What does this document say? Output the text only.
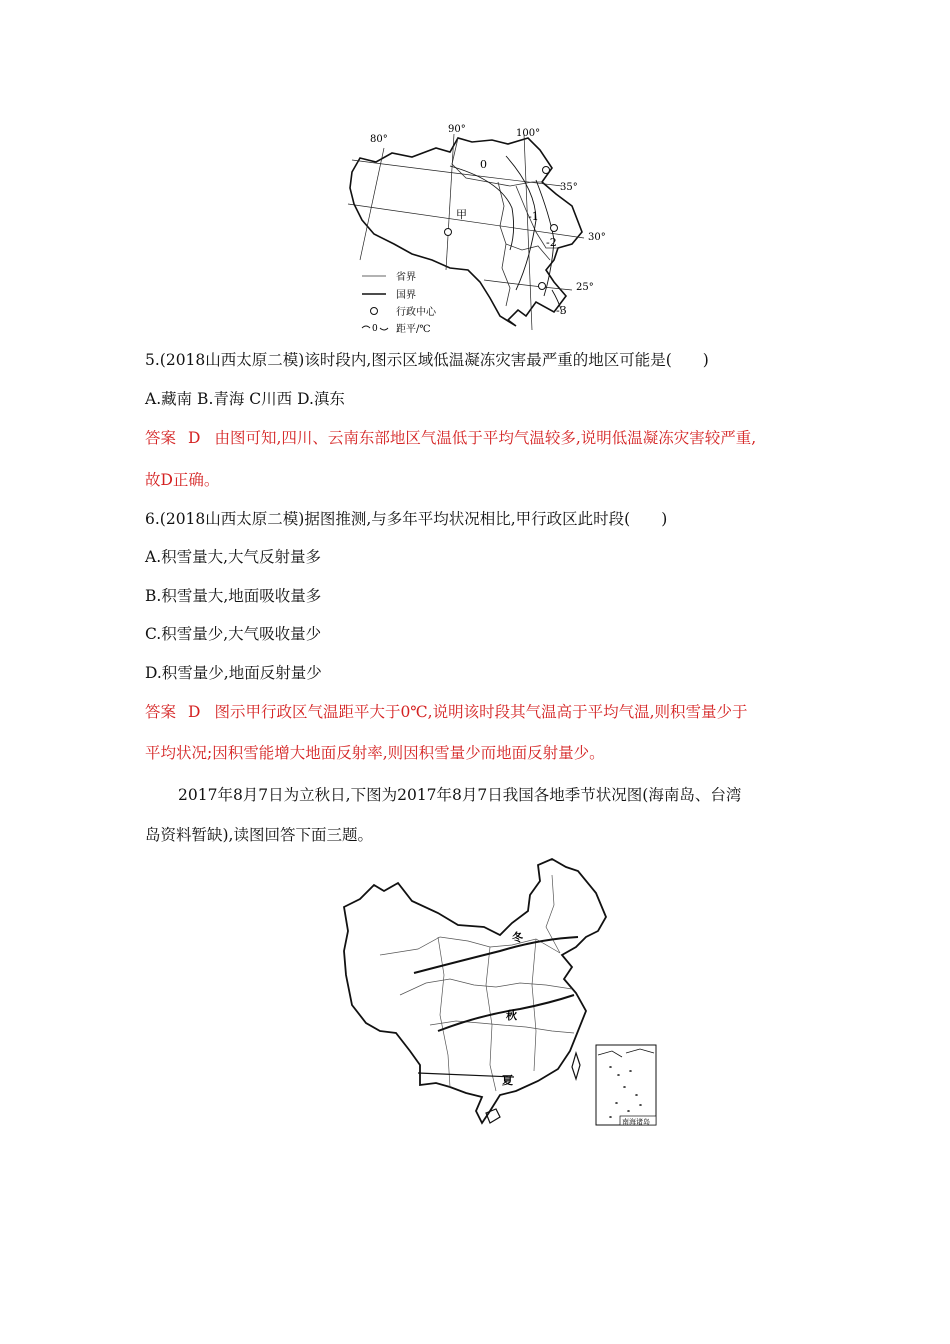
80°
90°	100°
35°
30°
25°
0
-1
-2
-3
甲
省界
国界
行政中心
0 距平/℃
5.(2018山西太原二模)该时段内,图示区域低温凝冻灾害最严重的地区可能是(　　)
A.藏南 B.青海 C川西 D.滇东
答案 D 由图可知,四川、云南东部地区气温低于平均气温较多,说明低温凝冻灾害较严重,
故D正确。
6.(2018山西太原二模)据图推测,与多年平均状况相比,甲行政区此时段(　　)
A.积雪量大,大气反射量多
B.积雪量大,地面吸收量多
C.积雪量少,大气吸收量少
D.积雪量少,地面反射量少
答案 D 图示甲行政区气温距平大于0℃,说明该时段其气温高于平均气温,则积雪量少于
平均状况;因积雪能增大地面反射率,则因积雪量少而地面反射量少。
2017年8月7日为立秋日,下图为2017年8月7日我国各地季节状况图(海南岛、台湾
岛资料暂缺),读图回答下面三题。
冬
秋
夏
南海诸岛
